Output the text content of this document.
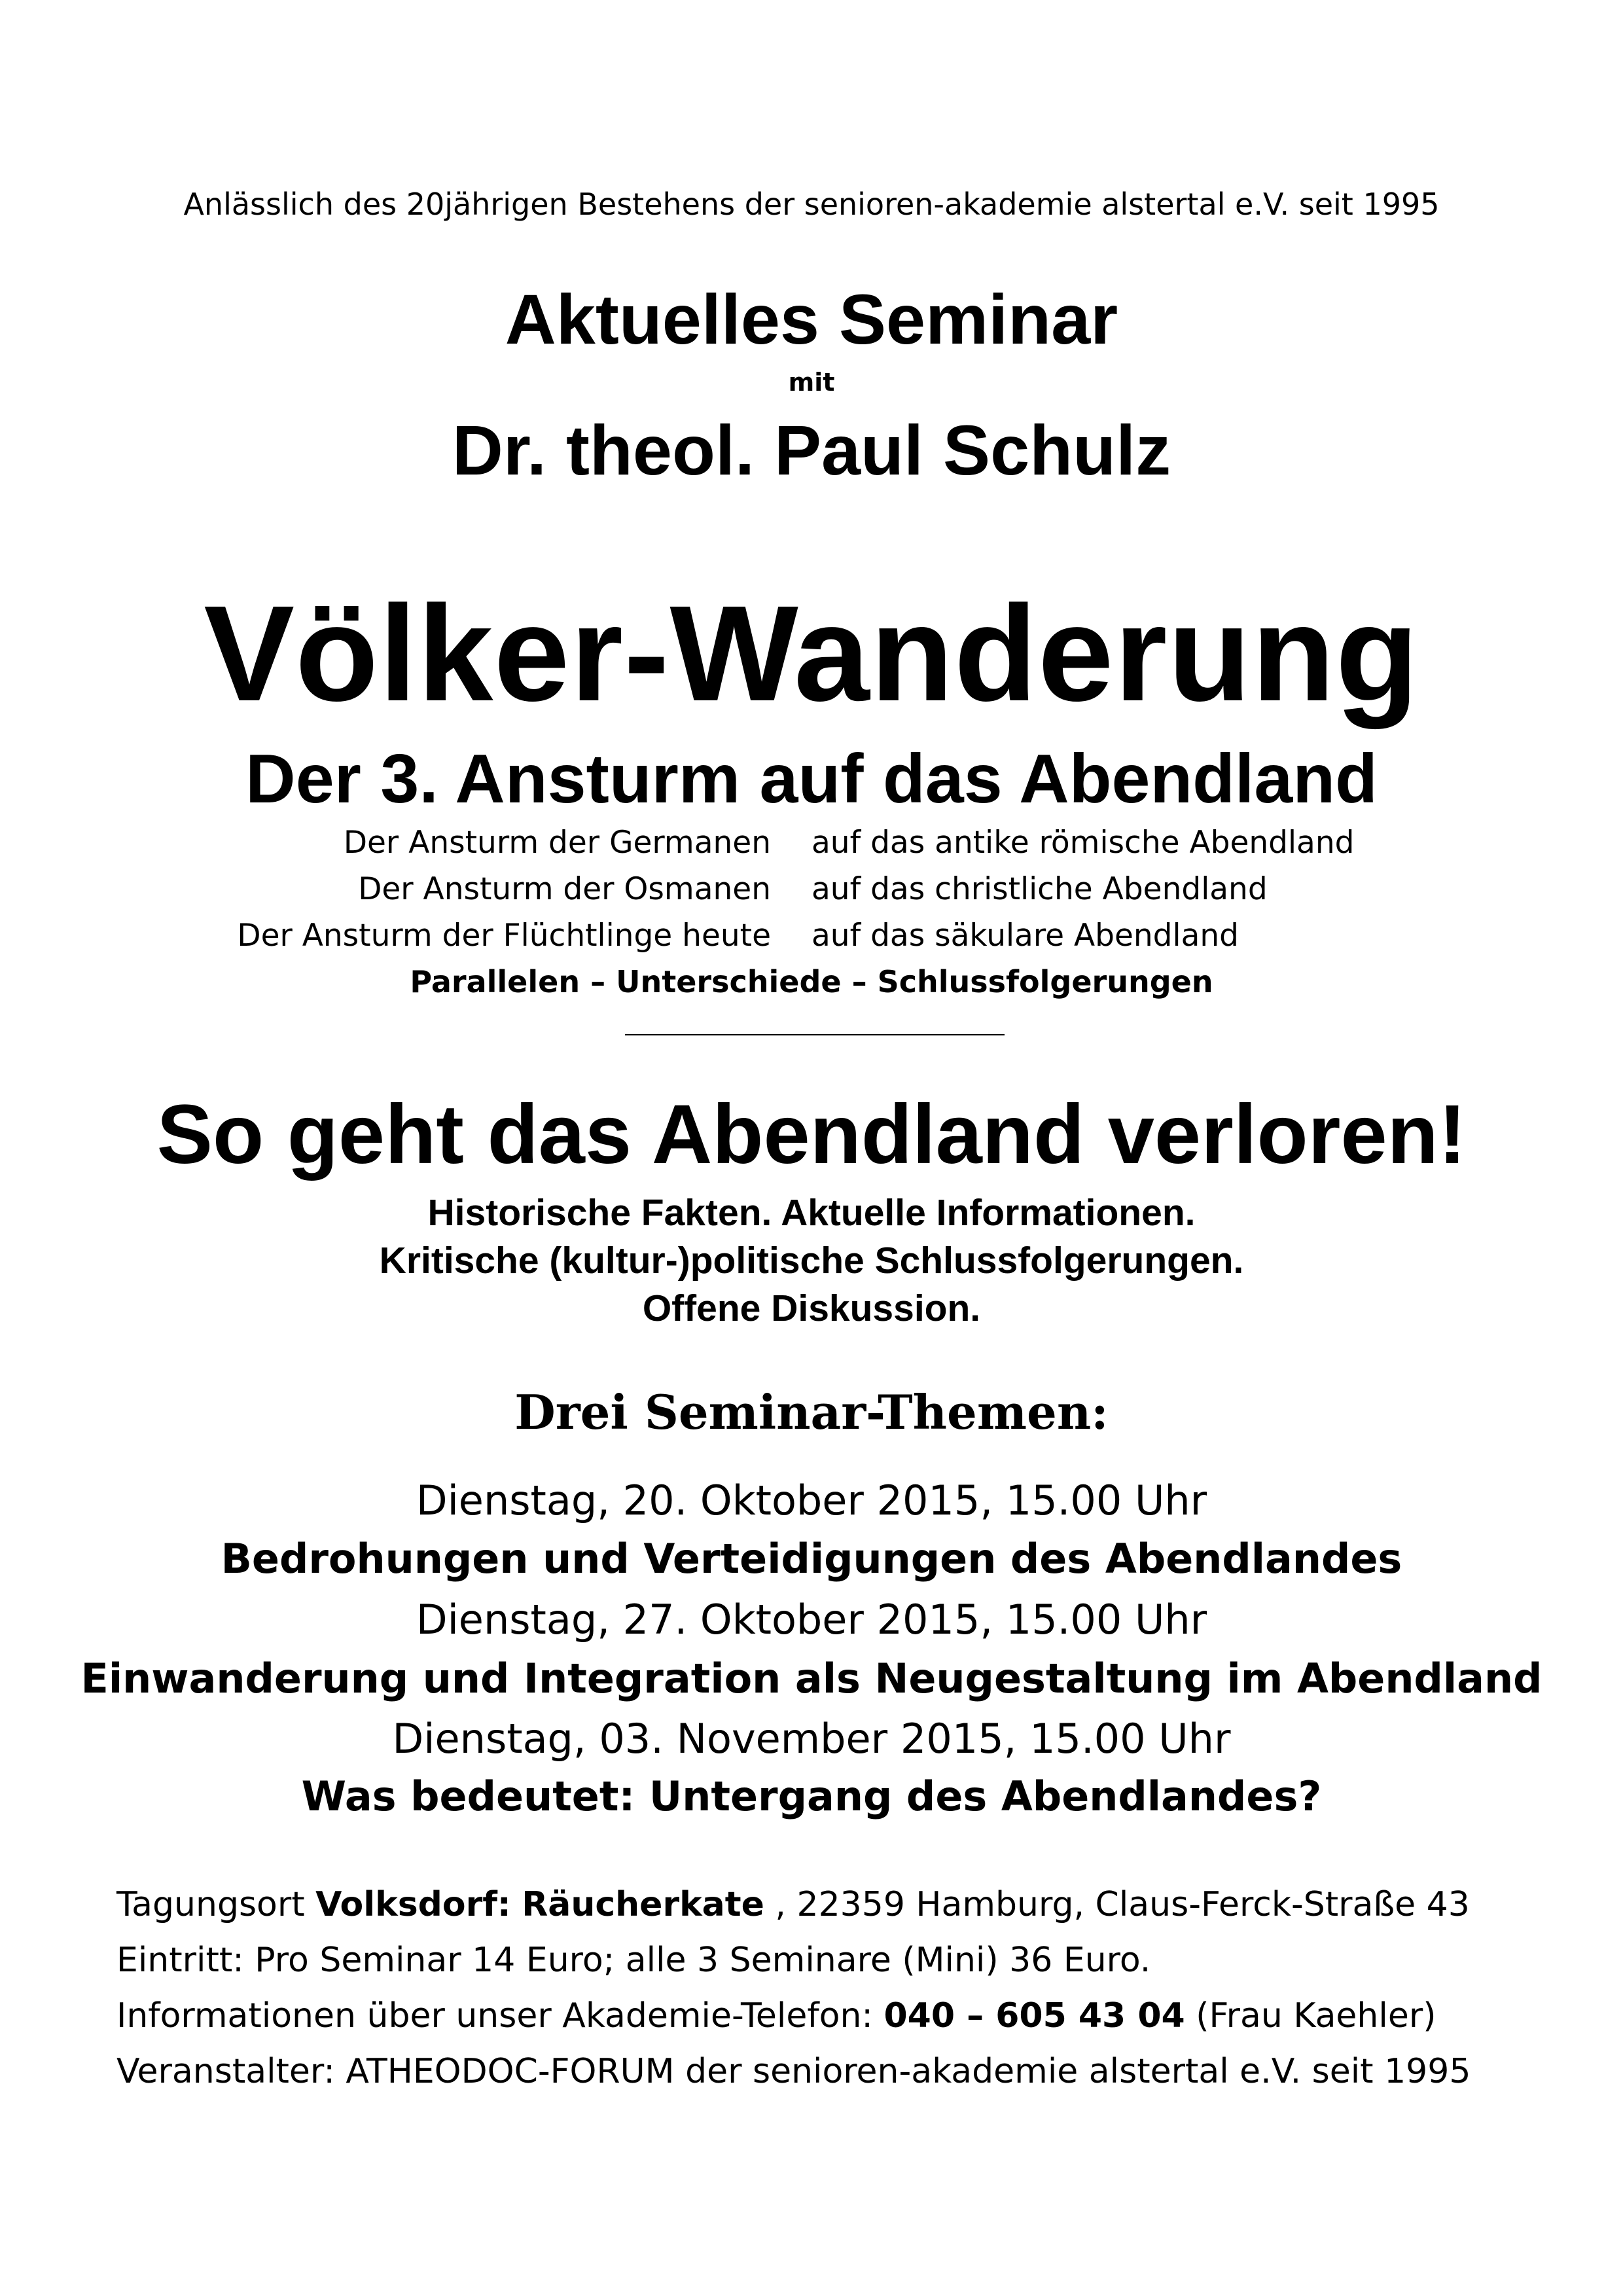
Anlässlich des 20jährigen Bestehens der senioren-akademie alstertal e.V. seit 1995
Aktuelles Seminar
mit
Dr. theol. Paul Schulz
Völker-Wanderung
Der 3. Ansturm auf das Abendland
Der Ansturm der Germanen auf das antike römische Abendland
Der Ansturm der Osmanen auf das christliche Abendland
Der Ansturm der Flüchtlinge heute auf das säkulare Abendland
Parallelen – Unterschiede – Schlussfolgerungen
So geht das Abendland verloren!
Historische Fakten. Aktuelle Informationen.
Kritische (kultur-)politische Schlussfolgerungen.
Offene Diskussion.
Drei Seminar-Themen:
Dienstag, 20. Oktober 2015, 15.00 Uhr
Bedrohungen und Verteidigungen des Abendlandes
Dienstag, 27. Oktober 2015, 15.00 Uhr
Einwanderung und Integration als Neugestaltung im Abendland
Dienstag, 03. November 2015, 15.00 Uhr
Was bedeutet: Untergang des Abendlandes?
Tagungsort Volksdorf: Räucherkate , 22359 Hamburg, Claus-Ferck-Straße 43
Eintritt: Pro Seminar 14 Euro; alle 3 Seminare (Mini) 36 Euro.
Informationen über unser Akademie-Telefon: 040 – 605 43 04 (Frau Kaehler)
Veranstalter: ATHEODOC-FORUM der senioren-akademie alstertal e.V. seit 1995
